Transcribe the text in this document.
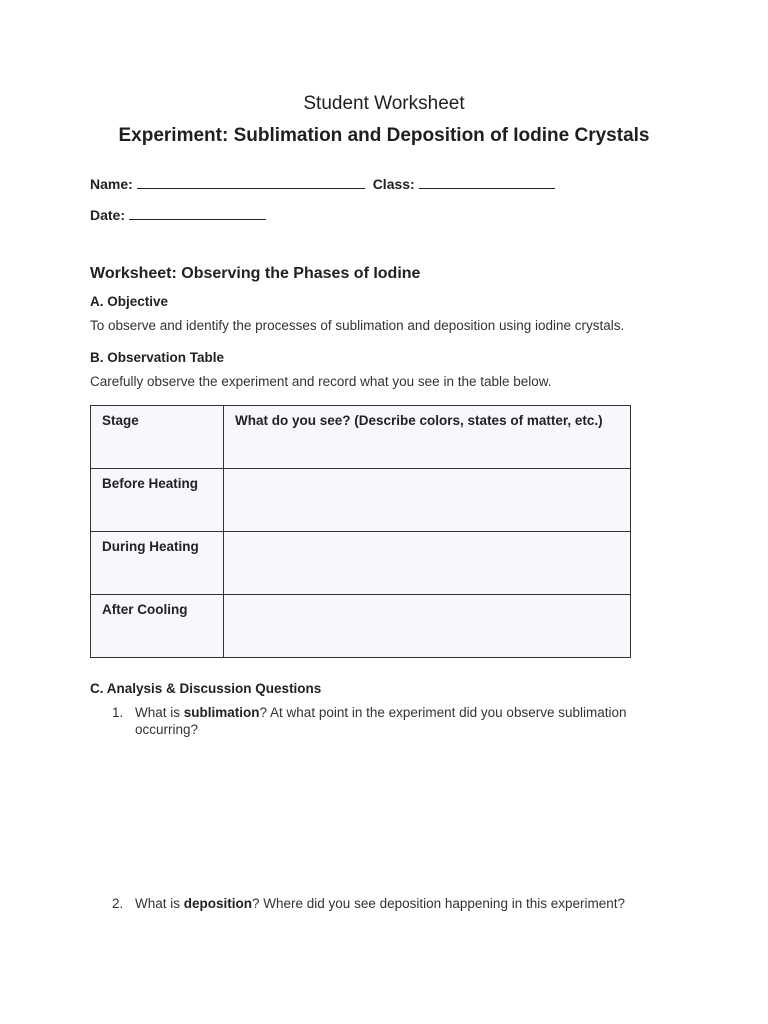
Student Worksheet
Experiment: Sublimation and Deposition of Iodine Crystals
Name:	Class:
Date:
Worksheet: Observing the Phases of Iodine
A. Objective
To observe and identify the processes of sublimation and deposition using iodine crystals.
B. Observation Table
Carefully observe the experiment and record what you see in the table below.
Stage	What do you see? (Describe colors, states of matter, etc.)
Before Heating	
During Heating	
After Cooling	
C. Analysis & Discussion Questions
1. What is sublimation? At what point in the experiment did you observe sublimation occurring?
2. What is deposition? Where did you see deposition happening in this experiment?
